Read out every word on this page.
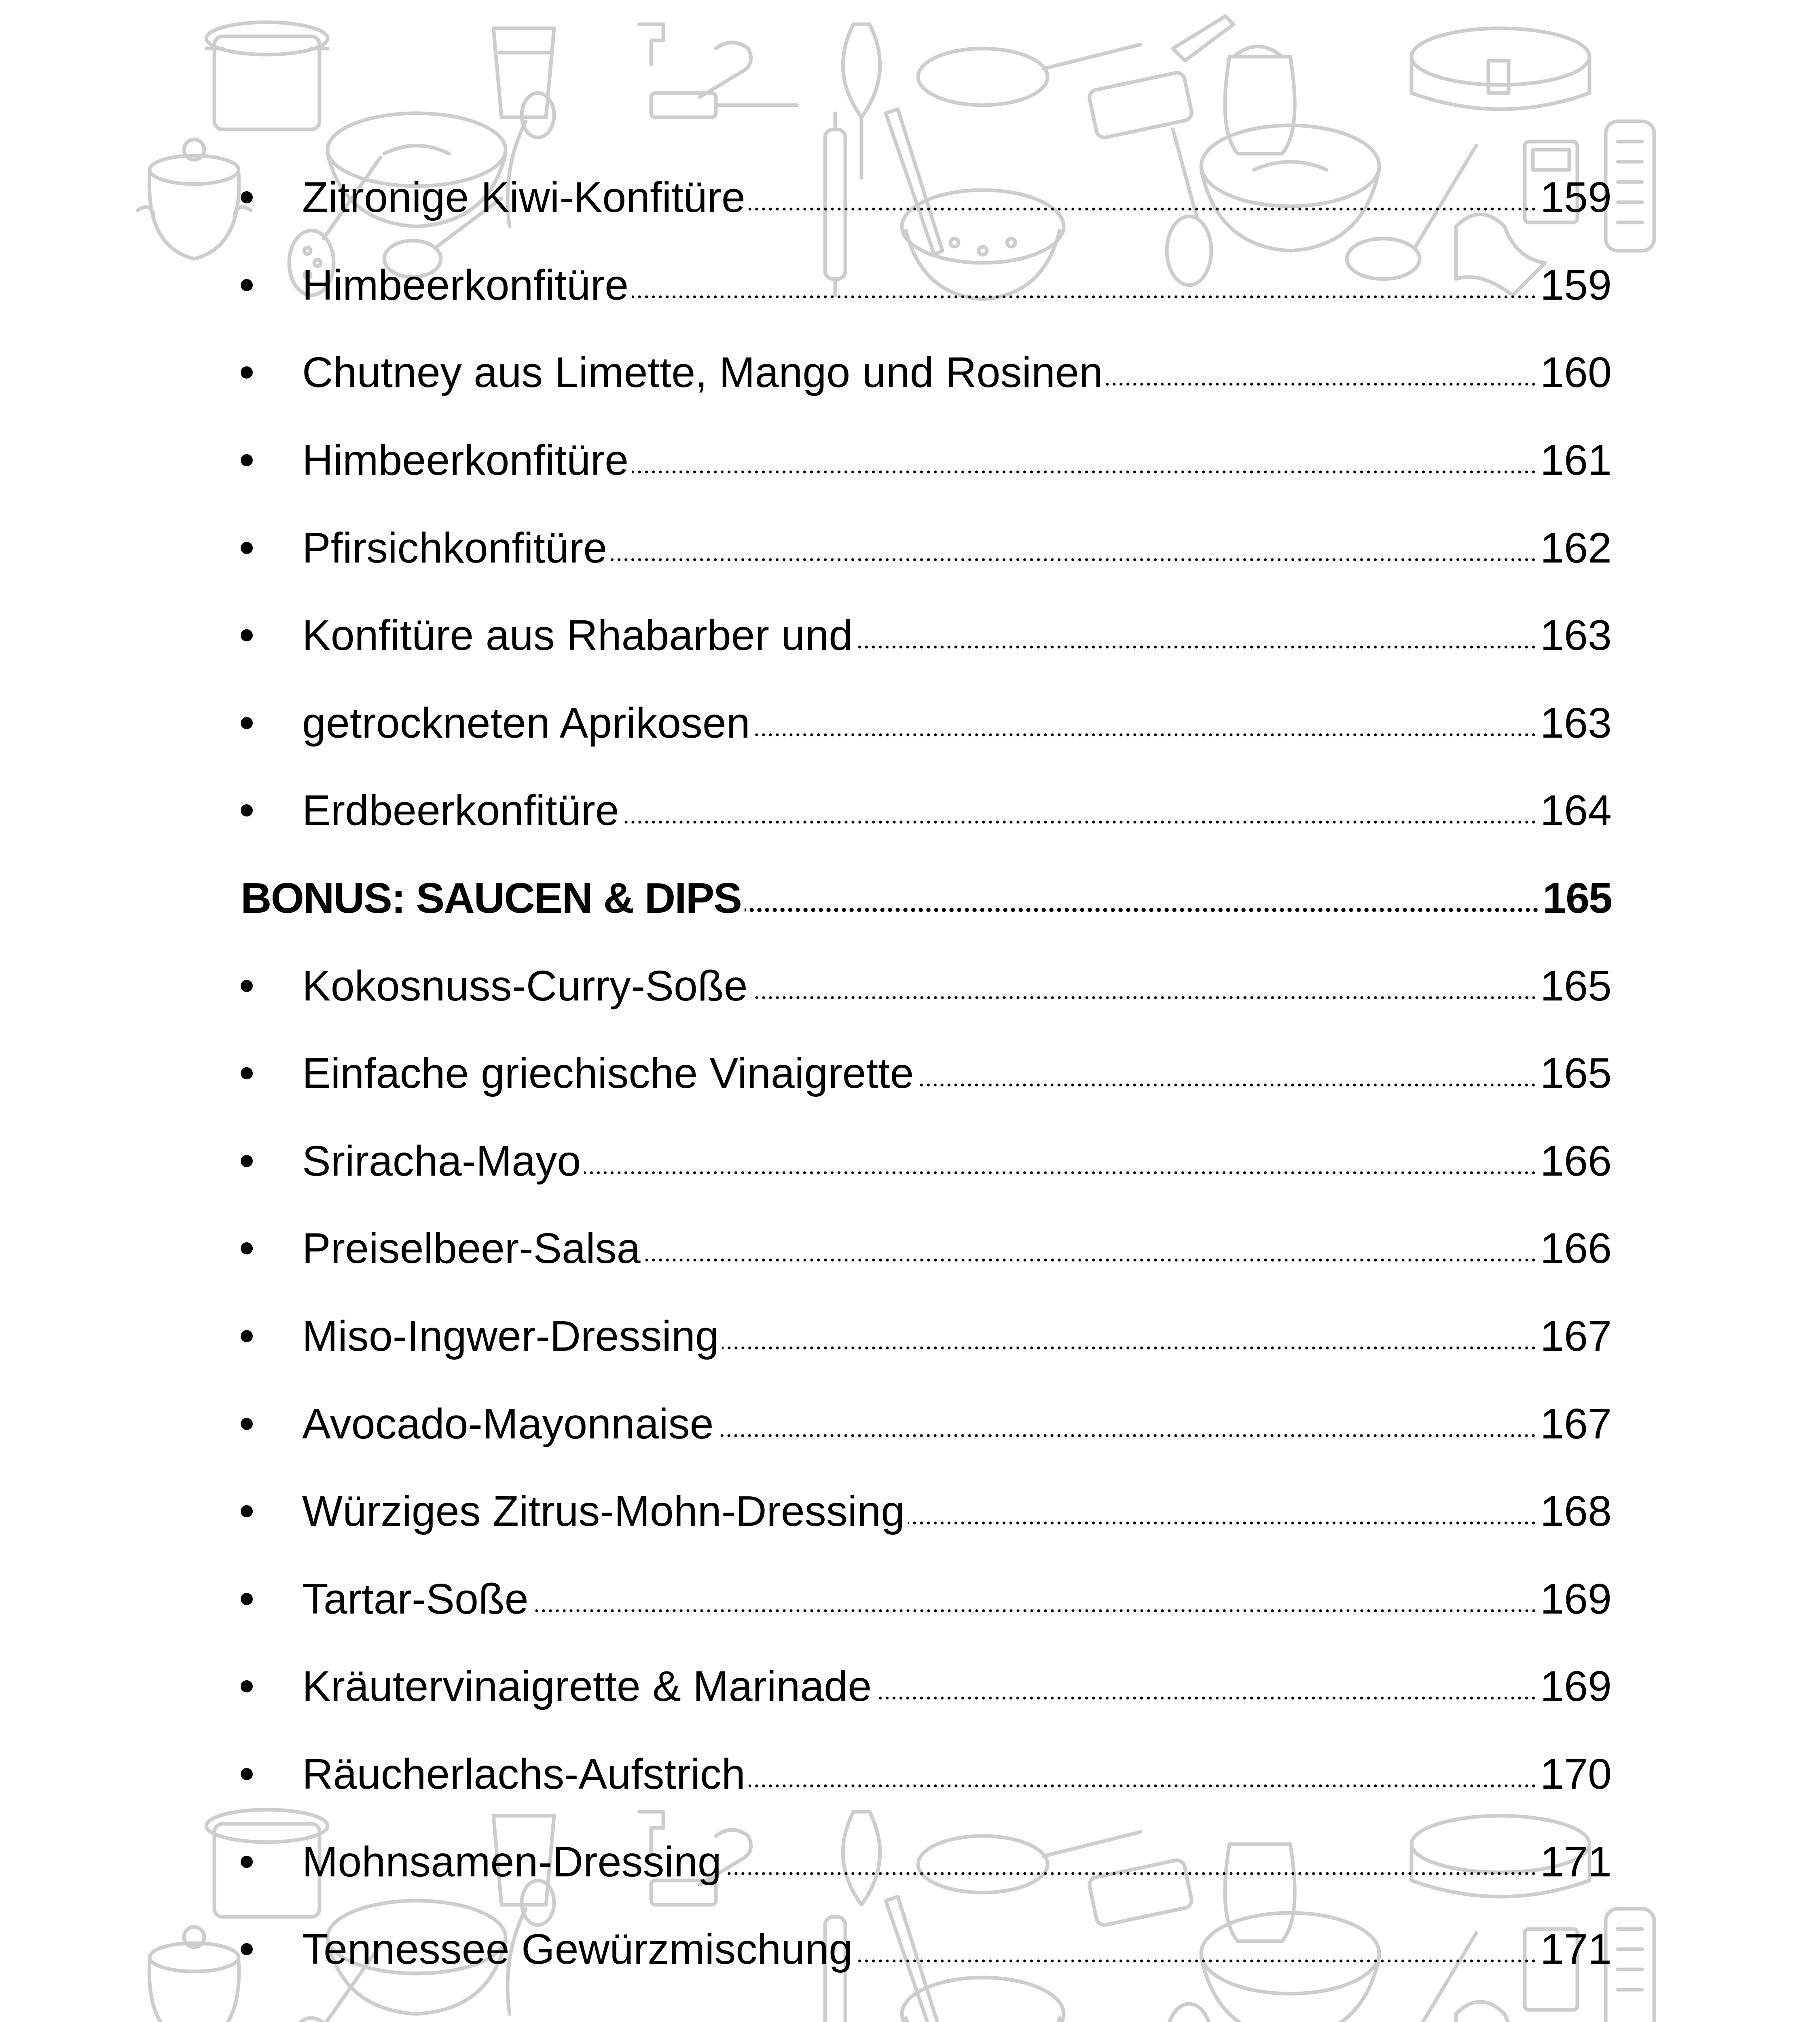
Zitronige Kiwi-Konfitüre	159
Himbeerkonfitüre	159
Chutney aus Limette, Mango und Rosinen	160
Himbeerkonfitüre	161
Pfirsichkonfitüre	162
Konfitüre aus Rhabarber und	163
getrockneten Aprikosen	163
Erdbeerkonfitüre	164
BONUS: SAUCEN & DIPS	165
Kokosnuss-Curry-Soße	165
Einfache griechische Vinaigrette	165
Sriracha-Mayo	166
Preiselbeer-Salsa	166
Miso-Ingwer-Dressing	167
Avocado-Mayonnaise	167
Würziges Zitrus-Mohn-Dressing	168
Tartar-Soße	169
Kräutervinaigrette & Marinade	169
Räucherlachs-Aufstrich	170
Mohnsamen-Dressing	171
Tennessee Gewürzmischung	171
